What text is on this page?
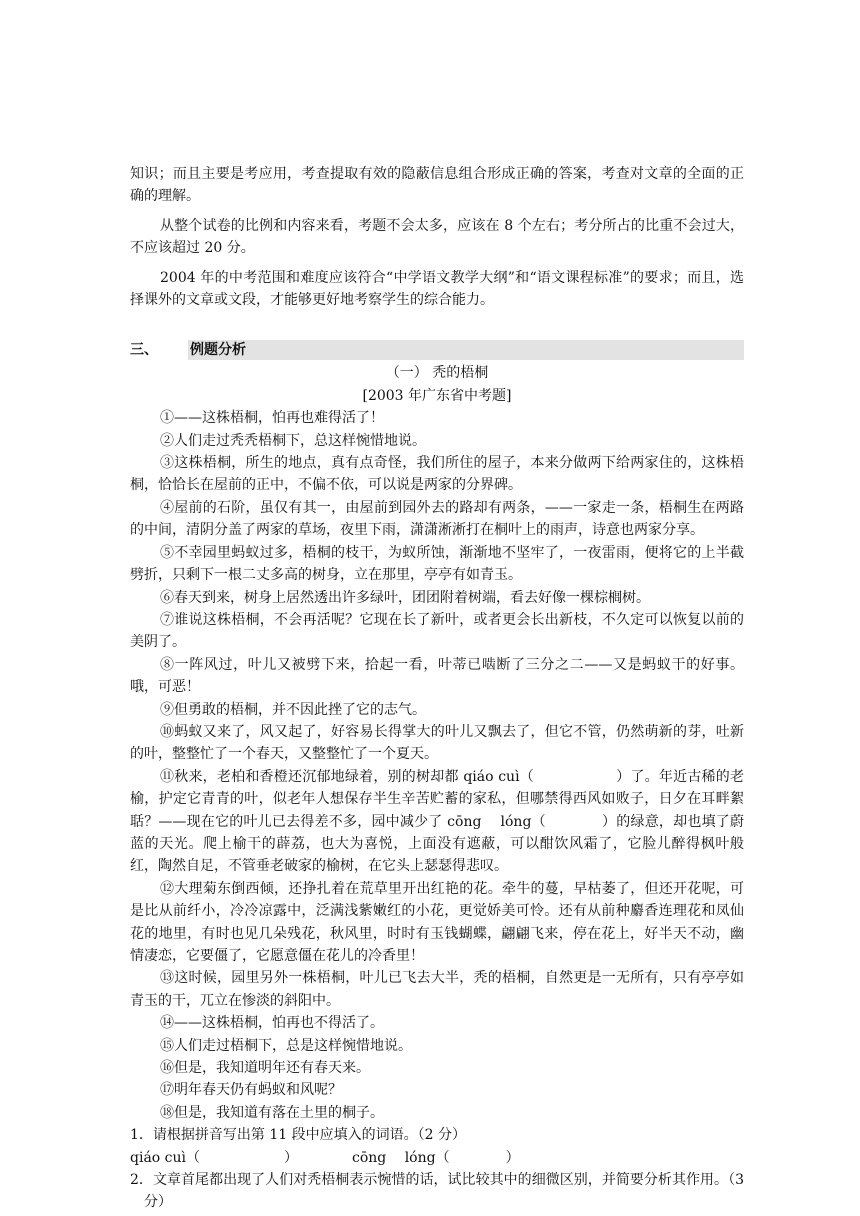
知识；而且主要是考应用，考查提取有效的隐蔽信息组合形成正确的答案，考查对文章的全面的正确的理解。

从整个试卷的比例和内容来看，考题不会太多，应该在 8 个左右；考分所占的比重不会过大，不应该超过 20 分。

2004 年的中考范围和难度应该符合“中学语文教学大纲”和“语文课程标准”的要求；而且，选择课外的文章或文段，才能够更好地考察学生的综合能力。

三、	例题分析

（一） 秃的梧桐

[2003 年广东省中考题]

①——这株梧桐，怕再也难得活了！

②人们走过秃秃梧桐下，总这样惋惜地说。

③这株梧桐，所生的地点，真有点奇怪，我们所住的屋子，本来分做两下给两家住的，这株梧桐，恰恰长在屋前的正中，不偏不依，可以说是两家的分界碑。

④屋前的石阶，虽仅有其一，由屋前到园外去的路却有两条，——一家走一条，梧桐生在两路的中间，清阴分盖了两家的草场，夜里下雨，潇潇淅淅打在桐叶上的雨声，诗意也两家分享。

⑤不幸园里蚂蚁过多，梧桐的枝干，为蚁所蚀，渐渐地不坚牢了，一夜雷雨，便将它的上半截劈折，只剩下一根二丈多高的树身，立在那里，亭亭有如青玉。

⑥春天到来，树身上居然透出许多绿叶，团团附着树端，看去好像一棵棕榈树。

⑦谁说这株梧桐，不会再活呢？它现在长了新叶，或者更会长出新枝，不久定可以恢复以前的美阴了。

⑧一阵风过，叶儿又被劈下来，拾起一看，叶蒂已啮断了三分之二——又是蚂蚁干的好事。哦，可恶！

⑨但勇敢的梧桐，并不因此挫了它的志气。

⑩蚂蚁又来了，风又起了，好容易长得掌大的叶儿又飘去了，但它不管，仍然萌新的芽，吐新的叶，整整忙了一个春天，又整整忙了一个夏天。

⑪秋来，老柏和香橙还沉郁地绿着，别的树却都 qiáo cuì（	）了。年近古稀的老榆，护定它青青的叶，似老年人想保存半生辛苦贮蓄的家私，但哪禁得西风如败子，日夕在耳畔絮聒？——现在它的叶儿已去得差不多，园中减少了 cōng　 lóng（	）的绿意，却也填了蔚蓝的天光。爬上榆干的薜荔，也大为喜悦，上面没有遮蔽，可以酣饮风霜了，它脸儿醉得枫叶般红，陶然自足，不管垂老破家的榆树，在它头上瑟瑟得悲叹。

⑫大理菊东倒西倾，还挣扎着在荒草里开出红艳的花。牵牛的蔓，早枯萎了，但还开花呢，可是比从前纤小，冷冷凉露中，泛满浅紫嫩红的小花，更觉娇美可怜。还有从前种麝香连理花和凤仙花的地里，有时也见几朵残花，秋风里，时时有玉钱蝴蝶，翩翩飞来，停在花上，好半天不动，幽情凄恋，它要僵了，它愿意僵在花儿的冷香里！

⑬这时候，园里另外一株梧桐，叶儿已飞去大半，秃的梧桐，自然更是一无所有，只有亭亭如青玉的干，兀立在惨淡的斜阳中。

⑭——这株梧桐，怕再也不得活了。

⑮人们走过梧桐下，总是这样惋惜地说。

⑯但是，我知道明年还有春天来。

⑰明年春天仍有蚂蚁和风呢？

⑱但是，我知道有落在土里的桐子。

1．请根据拼音写出第 11 段中应填入的词语。（2 分）

qiáo cuì（	）	cōng　 lóng（	）

2．文章首尾都出现了人们对秃梧桐表示惋惜的话，试比较其中的细微区别，并简要分析其作用。（3 分）
